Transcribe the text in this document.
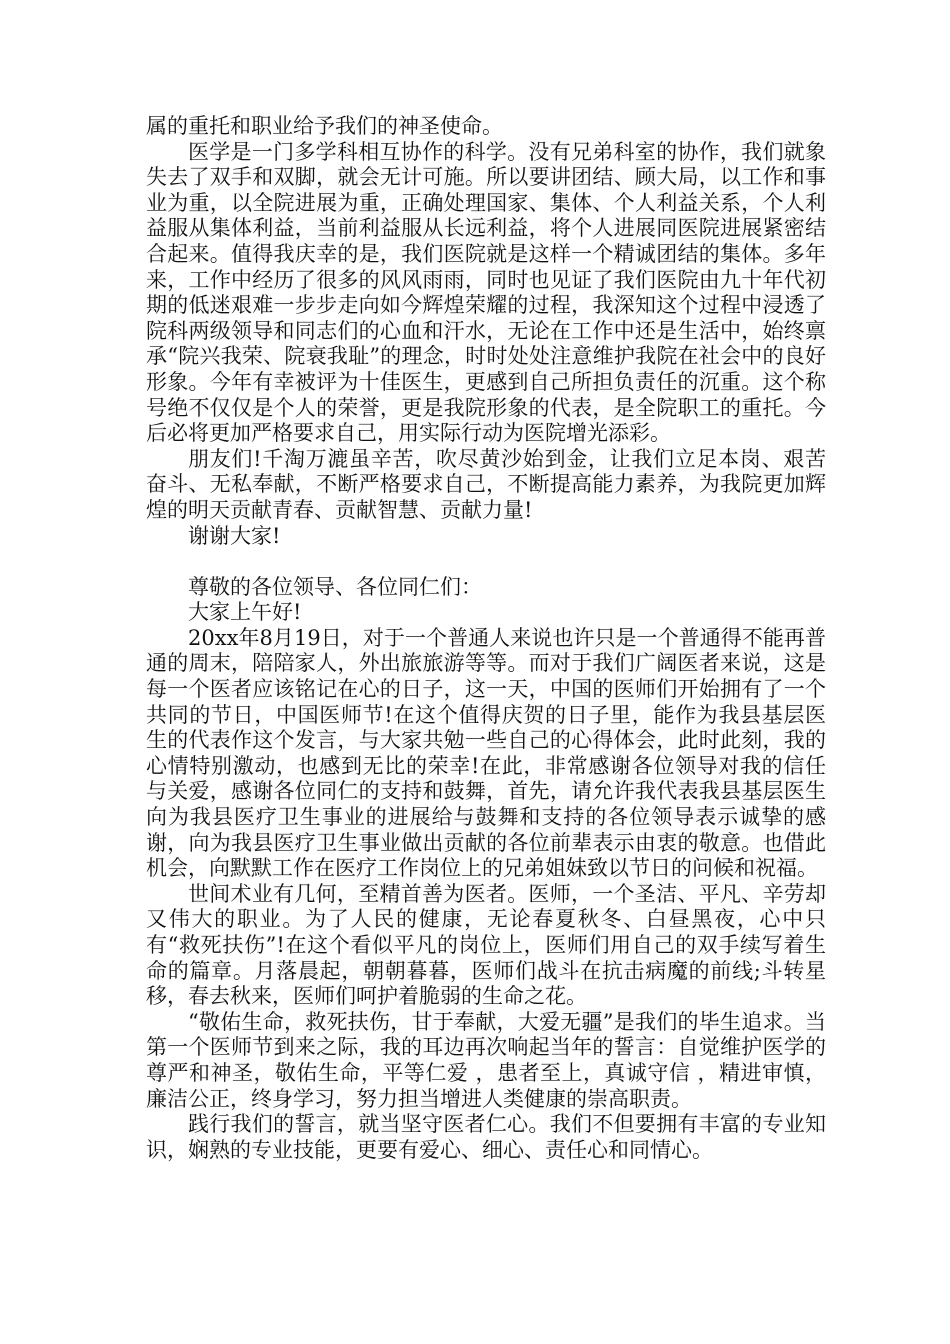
属的重托和职业给予我们的神圣使命。

医学是一门多学科相互协作的科学。没有兄弟科室的协作，我们就象失去了双手和双脚，就会无计可施。所以要讲团结、顾大局，以工作和事业为重，以全院进展为重，正确处理国家、集体、个人利益关系，个人利益服从集体利益，当前利益服从长远利益，将个人进展同医院进展紧密结合起来。值得我庆幸的是，我们医院就是这样一个精诚团结的集体。多年来，工作中经历了很多的风风雨雨，同时也见证了我们医院由九十年代初期的低迷艰难一步步走向如今辉煌荣耀的过程，我深知这个过程中浸透了院科两级领导和同志们的心血和汗水，无论在工作中还是生活中，始终禀承“院兴我荣、院衰我耻”的理念，时时处处注意维护我院在社会中的良好形象。今年有幸被评为十佳医生，更感到自己所担负责任的沉重。这个称号绝不仅仅是个人的荣誉，更是我院形象的代表，是全院职工的重托。今后必将更加严格要求自己，用实际行动为医院增光添彩。

朋友们!千淘万漉虽辛苦，吹尽黄沙始到金，让我们立足本岗、艰苦奋斗、无私奉献，不断严格要求自己，不断提高能力素养，为我院更加辉煌的明天贡献青春、贡献智慧、贡献力量!

谢谢大家!

尊敬的各位领导、各位同仁们：

大家上午好!

20xx年8月19日，对于一个普通人来说也许只是一个普通得不能再普通的周末，陪陪家人，外出旅旅游等等。而对于我们广阔医者来说，这是每一个医者应该铭记在心的日子，这一天，中国的医师们开始拥有了一个共同的节日，中国医师节!在这个值得庆贺的日子里，能作为我县基层医生的代表作这个发言，与大家共勉一些自己的心得体会，此时此刻，我的心情特别激动，也感到无比的荣幸!在此，非常感谢各位领导对我的信任与关爱，感谢各位同仁的支持和鼓舞，首先，请允许我代表我县基层医生向为我县医疗卫生事业的进展给与鼓舞和支持的各位领导表示诚挚的感谢，向为我县医疗卫生事业做出贡献的各位前辈表示由衷的敬意。也借此机会，向默默工作在医疗工作岗位上的兄弟姐妹致以节日的问候和祝福。

世间术业有几何，至精首善为医者。医师，一个圣洁、平凡、辛劳却又伟大的职业。为了人民的健康，无论春夏秋冬、白昼黑夜，心中只有“救死扶伤”!在这个看似平凡的岗位上，医师们用自己的双手续写着生命的篇章。月落晨起，朝朝暮暮，医师们战斗在抗击病魔的前线;斗转星移，春去秋来，医师们呵护着脆弱的生命之花。

“敬佑生命，救死扶伤，甘于奉献，大爱无疆”是我们的毕生追求。当第一个医师节到来之际，我的耳边再次响起当年的誓言：自觉维护医学的尊严和神圣，敬佑生命，平等仁爱 ，患者至上，真诚守信 ，精进审慎，廉洁公正，终身学习，努力担当增进人类健康的崇高职责。

践行我们的誓言，就当坚守医者仁心。我们不但要拥有丰富的专业知识，娴熟的专业技能，更要有爱心、细心、责任心和同情心。
